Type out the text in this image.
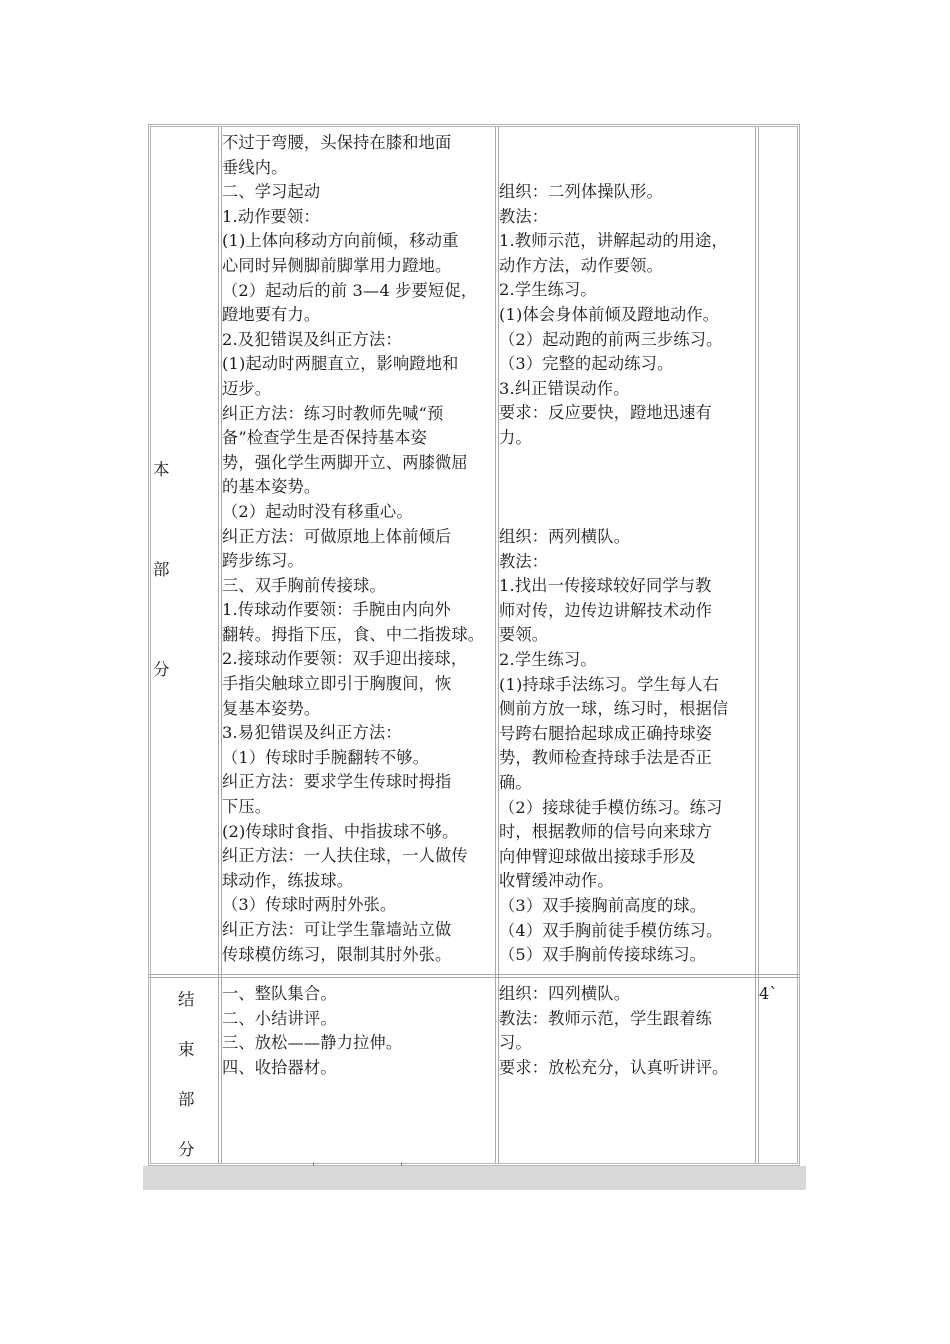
本
部
分
不过于弯腰，头保持在膝和地面
垂线内。
二、学习起动
1.动作要领：
(1)上体向移动方向前倾，移动重
心同时异侧脚前脚掌用力蹬地。
（2）起动后的前 3—4 步要短促，
蹬地要有力。
2.及犯错误及纠正方法：
(1)起动时两腿直立，影响蹬地和
迈步。
纠正方法：练习时教师先喊“预
备”检查学生是否保持基本姿
势，强化学生两脚开立、两膝微屈
的基本姿势。
（2）起动时没有移重心。
纠正方法：可做原地上体前倾后
跨步练习。
三、双手胸前传接球。
1.传球动作要领：手腕由内向外
翻转。拇指下压，食、中二指拨球。
2.接球动作要领：双手迎出接球，
手指尖触球立即引于胸腹间，恢
复基本姿势。
3.易犯错误及纠正方法：
（1）传球时手腕翻转不够。
纠正方法：要求学生传球时拇指
下压。
(2)传球时食指、中指拔球不够。
纠正方法：一人扶住球，一人做传
球动作，练拔球。
（3）传球时两肘外张。
纠正方法：可让学生靠墙站立做
传球模仿练习，限制其肘外张。
组织：二列体操队形。
教法：
1.教师示范，讲解起动的用途，
动作方法，动作要领。
2.学生练习。
(1)体会身体前倾及蹬地动作。
（2）起动跑的前两三步练习。
（3）完整的起动练习。
3.纠正错误动作。
要求：反应要快，蹬地迅速有
力。
组织：两列横队。
教法：
1.找出一传接球较好同学与教
师对传，边传边讲解技术动作
要领。
2.学生练习。
(1)持球手法练习。学生每人右
侧前方放一球，练习时，根据信
号跨右腿拾起球成正确持球姿
势，教师检查持球手法是否正
确。
（2）接球徒手模仿练习。练习
时，根据教师的信号向来球方
向伸臂迎球做出接球手形及
收臂缓冲动作。
（3）双手接胸前高度的球。
（4）双手胸前徒手模仿练习。
（5）双手胸前传接球练习。
结
束
部
分
一、整队集合。
二、小结讲评。
三、放松——静力拉伸。
四、收拾器材。
组织：四列横队。
教法：教师示范，学生跟着练
习。
要求：放松充分，认真听讲评。
4`
